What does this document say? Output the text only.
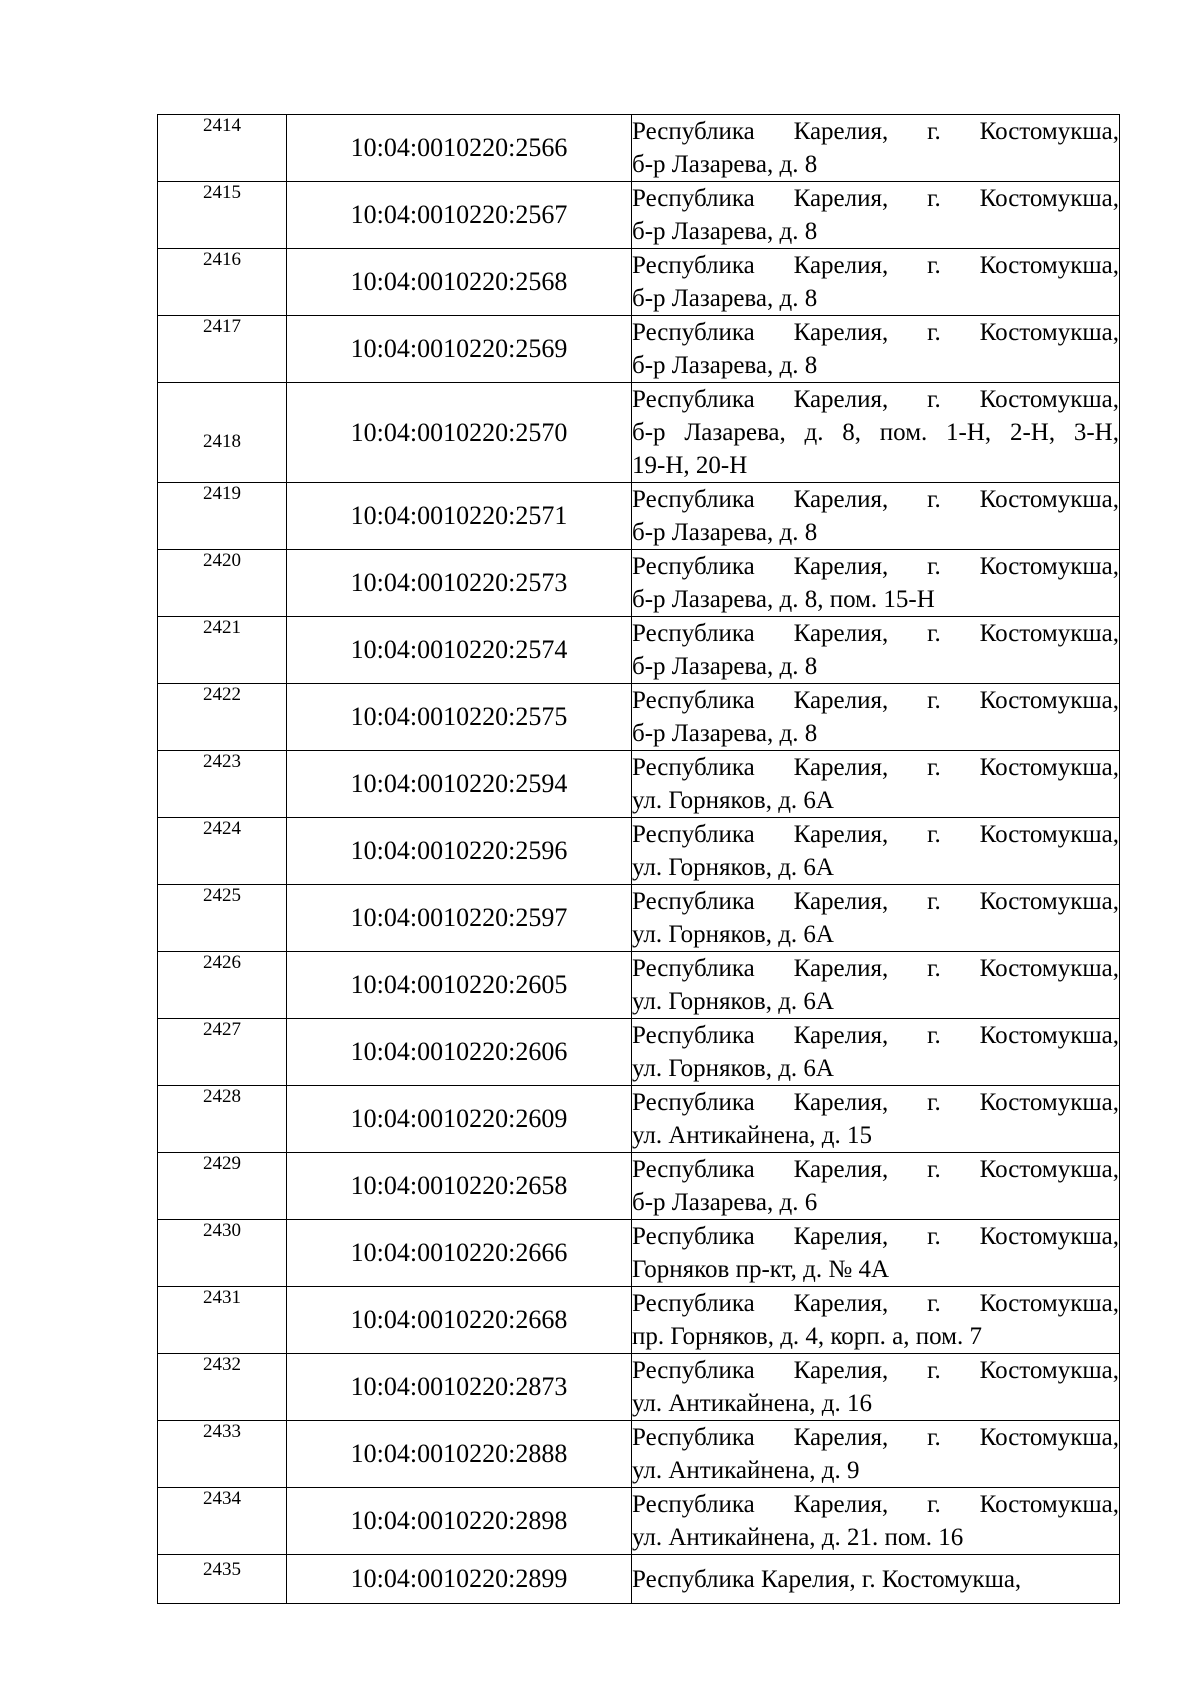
2414	10:04:0010220:2566	Республика Карелия, г. Костомукша,
б-р Лазарева, д. 8

2415	10:04:0010220:2567	Республика Карелия, г. Костомукша,
б-р Лазарева, д. 8

2416	10:04:0010220:2568	Республика Карелия, г. Костомукша,
б-р Лазарева, д. 8

2417	10:04:0010220:2569	Республика Карелия, г. Костомукша,
б-р Лазарева, д. 8

2418	10:04:0010220:2570	Республика Карелия, г. Костомукша,
б-р Лазарева, д. 8, пом. 1-Н, 2-Н, 3-Н,
19-Н, 20-Н

2419	10:04:0010220:2571	Республика Карелия, г. Костомукша,
б-р Лазарева, д. 8

2420	10:04:0010220:2573	Республика Карелия, г. Костомукша,
б-р Лазарева, д. 8, пом. 15-Н

2421	10:04:0010220:2574	Республика Карелия, г. Костомукша,
б-р Лазарева, д. 8

2422	10:04:0010220:2575	Республика Карелия, г. Костомукша,
б-р Лазарева, д. 8

2423	10:04:0010220:2594	Республика Карелия, г. Костомукша,
ул. Горняков, д. 6А

2424	10:04:0010220:2596	Республика Карелия, г. Костомукша,
ул. Горняков, д. 6А

2425	10:04:0010220:2597	Республика Карелия, г. Костомукша,
ул. Горняков, д. 6А

2426	10:04:0010220:2605	Республика Карелия, г. Костомукша,
ул. Горняков, д. 6А

2427	10:04:0010220:2606	Республика Карелия, г. Костомукша,
ул. Горняков, д. 6А

2428	10:04:0010220:2609	Республика Карелия, г. Костомукша,
ул. Антикайнена, д. 15

2429	10:04:0010220:2658	Республика Карелия, г. Костомукша,
б-р Лазарева, д. 6

2430	10:04:0010220:2666	Республика Карелия, г. Костомукша,
Горняков пр-кт, д. № 4А

2431	10:04:0010220:2668	Республика Карелия, г. Костомукша,
пр. Горняков, д. 4, корп. а, пом. 7

2432	10:04:0010220:2873	Республика Карелия, г. Костомукша,
ул. Антикайнена, д. 16

2433	10:04:0010220:2888	Республика Карелия, г. Костомукша,
ул. Антикайнена, д. 9

2434	10:04:0010220:2898	Республика Карелия, г. Костомукша,
ул. Антикайнена, д. 21. пом. 16

2435	10:04:0010220:2899	Республика Карелия, г. Костомукша,
